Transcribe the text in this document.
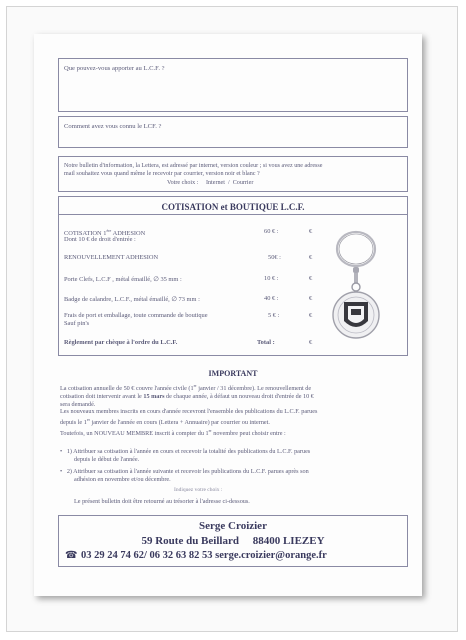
Que pouvez-vous apporter au L.C.F. ?
Comment avez vous connu le LCF. ?
Notre bulletin d'information, la Lettera, est adressé par internet, version couleur ; si vous avez une adresse
mail souhaitez vous quand même le recevoir par courrier, version noir et blanc ?
Votre choix :     Internet  /  Courrier
COTISATION et BOUTIQUE L.C.F.
COTISATION 1ère ADHESION
Dont 10 € de droit d'entrée :
60 € :	€
RENOUVELLEMENT ADHESION	50€ :	€
Porte Clefs, L.C.F , métal émaillé, ∅ 35 mm :	10 € :	€
Badge de calandre, L.C.F., métal émaillé, ∅ 73 mm :	40 € :	€
Frais de port et emballage, toute commande de boutique
Sauf pin's
5 € :	€
Règlement par chèque à l'ordre du L.C.F.	Total :	€
IMPORTANT
La cotisation annuelle de 50 € couvre l'année civile (1er janvier / 31 décembre). Le renouvellement de
cotisation doit intervenir avant le 15 mars de chaque année, à défaut un nouveau droit d'entrée de 10 €
sera demandé.
Les nouveaux membres inscrits en cours d'année recevront l'ensemble des publications du L.C.F. parues
depuis le 1er janvier de l'année en cours (Lettera + Annuaire) par courrier ou internet.
Toutefois, un NOUVEAU MEMBRE inscrit à compter du 1er novembre peut choisir entre :
• 1) Attribuer sa cotisation à l'année en cours et recevoir la totalité des publications du L.C.F. parues
depuis le début de l'année.
• 2) Attribuer sa cotisation à l'année suivante et recevoir les publications du L.C.F. parues après son
adhésion en novembre et/ou décembre.
Indiquez votre choix :
Le présent bulletin doit être retourné au trésorier à l'adresse ci-dessous.
Serge Croizier
59 Route du Beillard     88400 LIEZEY
☎ 03 29 24 74 62/ 06 32 63 82 53 serge.croizier@orange.fr
